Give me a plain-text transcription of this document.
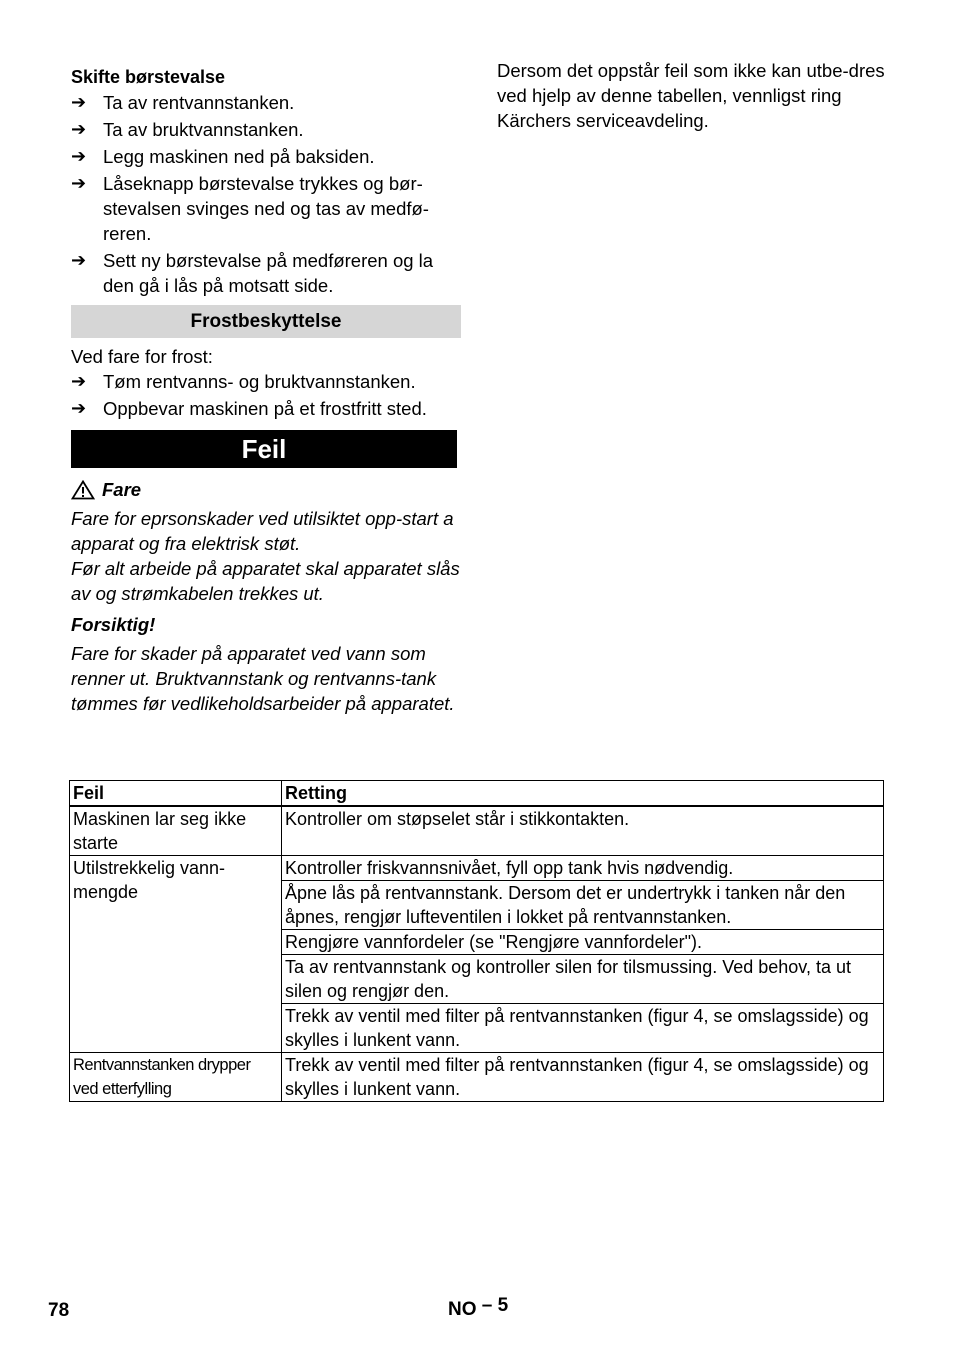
Skifte børstevalse
➔ Ta av rentvannstanken.
➔ Ta av bruktvannstanken.
➔ Legg maskinen ned på baksiden.
➔ Låseknapp børstevalse trykkes og bør-stevalsen svinges ned og tas av medfø-reren.
➔ Sett ny børstevalse på medføreren og la den gå i lås på motsatt side.
Frostbeskyttelse

Ved fare for frost:

➔ Tøm rentvanns- og bruktvannstanken.
➔ Oppbevar maskinen på et frostfritt sted.
Feil
Fare

Fare for eprsonskader ved utilsiktet opp-start a apparat og fra elektrisk støt.

Før alt arbeide på apparatet skal apparatet slås av og strømkabelen trekkes ut.

Forsiktig!

Fare for skader på apparatet ved vann som renner ut. Bruktvannstank og rentvanns-tank tømmes før vedlikeholdsarbeider på apparatet.

Dersom det oppstår feil som ikke kan utbe-dres ved hjelp av denne tabellen, vennligst ring Kärchers serviceavdeling.

Feil	Retting
Maskinen lar seg ikke starte	Kontroller om støpselet står i stikkontakten.
Utilstrekkelig vann-mengde	Kontroller friskvannsnivået, fyll opp tank hvis nødvendig.
	Åpne lås på rentvannstank. Dersom det er undertrykk i tanken når den åpnes, rengjør lufteventilen i lokket på rentvannstanken.
	Rengjøre vannfordeler (se "Rengjøre vannfordeler").
	Ta av rentvannstank og kontroller silen for tilsmussing. Ved behov, ta ut silen og rengjør den.
	Trekk av ventil med filter på rentvannstanken (figur 4, se omslagsside) og skylles i lunkent vann.
Rentvannstanken drypper ved etterfylling	Trekk av ventil med filter på rentvannstanken (figur 4, se omslagsside) og skylles i lunkent vann.
78	NO – 5
